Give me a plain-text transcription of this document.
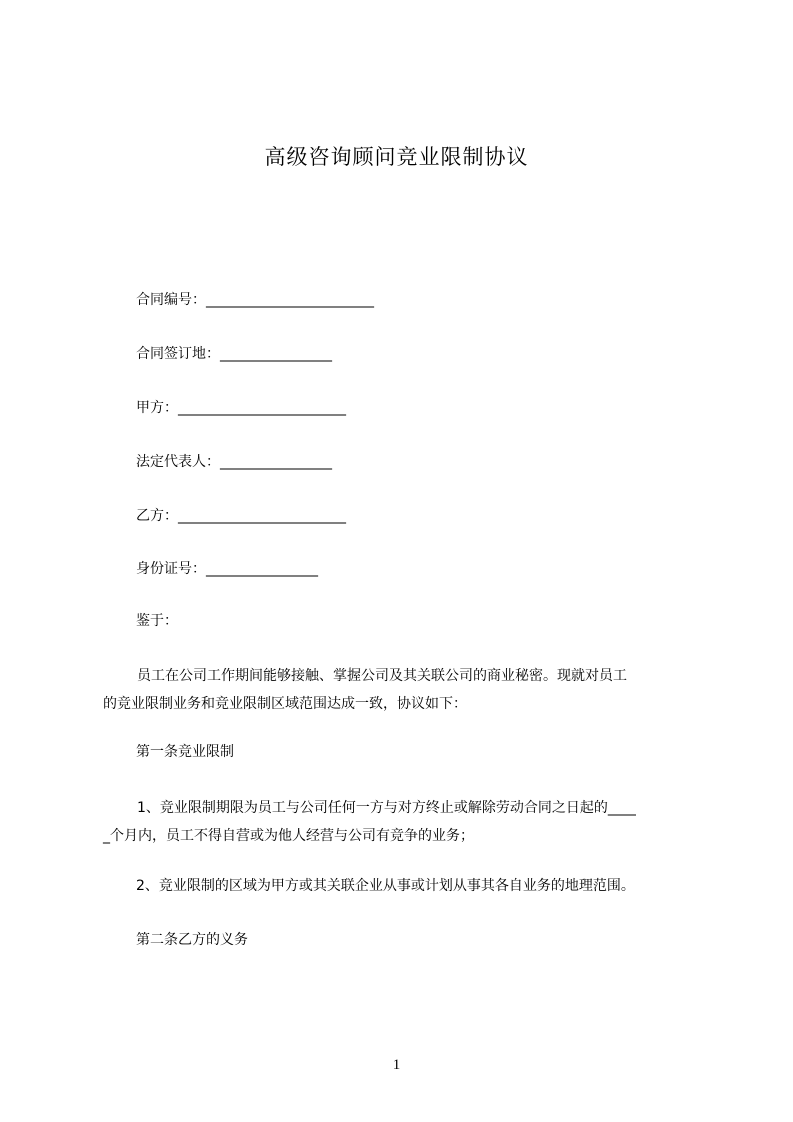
高级咨询顾问竞业限制协议
合同编号：________________________
合同签订地：________________
甲方：________________________
法定代表人：________________
乙方：________________________
身份证号：________________
鉴于：
员工在公司工作期间能够接触、掌握公司及其关联公司的商业秘密。现就对员工
的竞业限制业务和竞业限制区域范围达成一致，协议如下：
第一条竞业限制
1、竞业限制期限为员工与公司任何一方与对方终止或解除劳动合同之日起的____
_个月内，员工不得自营或为他人经营与公司有竞争的业务；
2、竞业限制的区域为甲方或其关联企业从事或计划从事其各自业务的地理范围。
第二条乙方的义务
1
